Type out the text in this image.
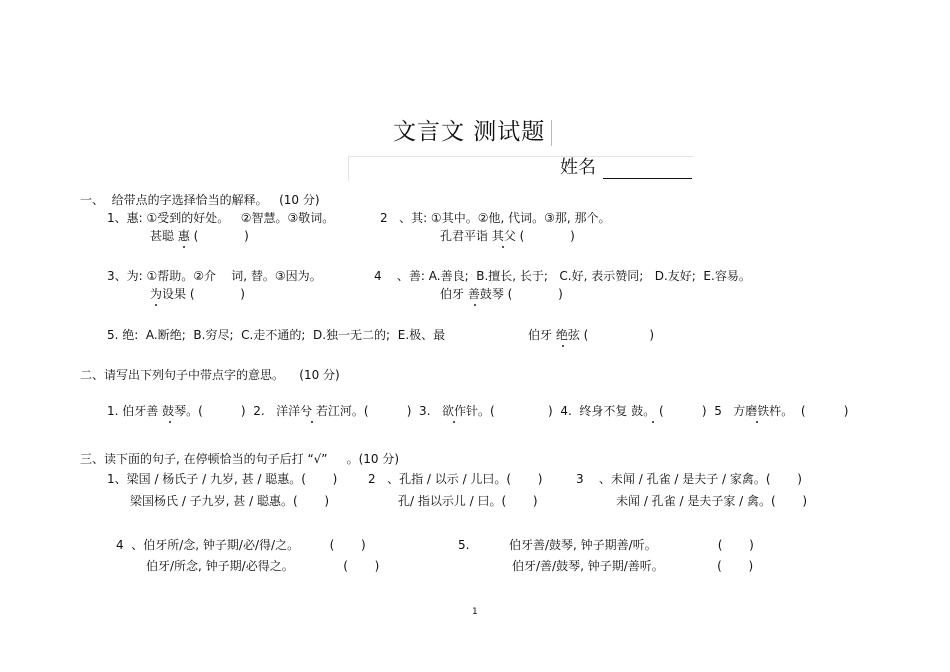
文言文 测试题
姓名
一、  给带点的字选择恰当的解释。   (10 分)
1、惠: ①受到的好处。   ②智慧。③敬词。
甚聪 惠 (            )
2   、其: ①其中。②他, 代词。③那, 那个。
孔君平诣 其父 (            )
3、为: ①帮助。②介    词, 替。③因为。
为设果 (            )
4    、善: A.善良;  B.擅长, 长于;   C.好, 表示赞同;   D.友好;  E.容易。
伯牙 善鼓琴 (            )
5. 绝:  A.断绝;  B.穷尽;  C.走不通的;  D.独一无二的;  E.极、最	伯牙 绝弦 (                )
二、请写出下列句子中带点字的意思。    (10 分)
1. 伯牙善 鼓琴。(          )  2.   洋洋兮 若江河。(          )  3.   欲作针。(              )  4.  终身不复 鼓。 (          )  5   方磨铁杵。  (          )
三、读下面的句子, 在停顿恰当的句子后打 “√”     。(10 分)
1、梁国 / 杨氏子 / 九岁, 甚 / 聪惠。(       )
梁国杨氏 / 子九岁, 甚 / 聪惠。(       )
2   、孔指 / 以示 / 儿曰。(       )
孔/ 指以示儿 / 曰。(       )
3    、未闻 / 孔雀 / 是夫子 / 家禽。(       )
未闻 / 孔雀 / 是夫子家 / 禽。(       )
4  、伯牙所/念, 钟子期/必/得/之。        (       )
伯牙/所念, 钟子期/必得之。             (       )
5.	伯牙善/鼓琴, 钟子期善/听。                (       )
伯牙/善/鼓琴, 钟子期/善听。              (       )
1
